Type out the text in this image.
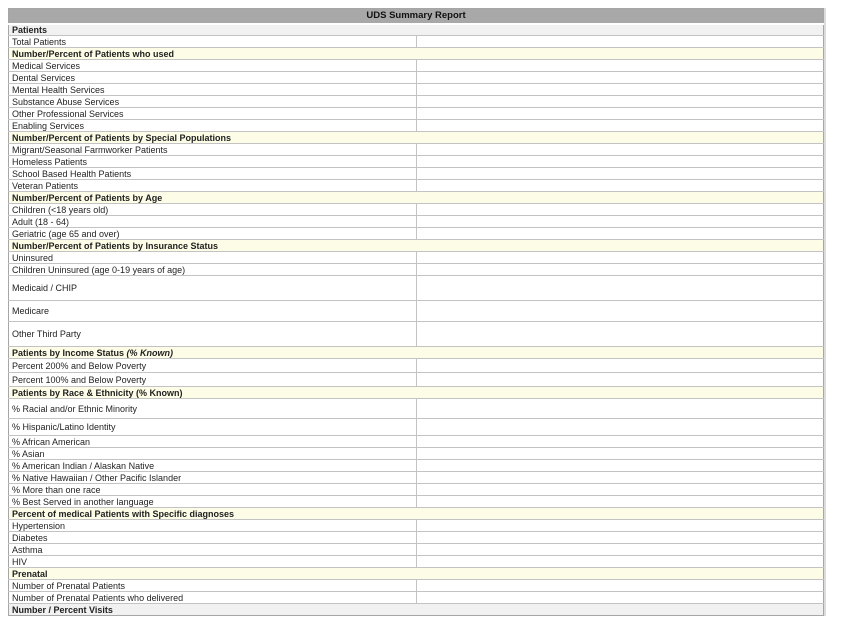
UDS Summary Report	
Patients	
Total Patients	
Number/Percent of Patients who used	
Medical Services	
Dental Services	
Mental Health Services	
Substance Abuse Services	
Other Professional Services	
Enabling Services	
Number/Percent of Patients by Special Populations	
Migrant/Seasonal Farmworker Patients	
Homeless Patients	
School Based Health Patients	
Veteran Patients	
Number/Percent of Patients by Age	
Children (<18 years old)	
Adult (18 - 64)	
Geriatric (age 65 and over)	
Number/Percent of Patients by Insurance Status	
Uninsured	
Children Uninsured (age 0-19 years of age)	
Medicaid / CHIP	
Medicare	
Other Third Party	
Patients by Income Status (% Known)	
Percent 200% and Below Poverty	
Percent 100% and Below Poverty	
Patients by Race & Ethnicity (% Known)	
% Racial and/or Ethnic Minority	
% Hispanic/Latino Identity	
% African American	
% Asian	
% American Indian / Alaskan Native	
% Native Hawaiian / Other Pacific Islander	
% More than one race	
% Best Served in another language	
Percent of medical Patients with Specific diagnoses	
Hypertension	
Diabetes	
Asthma	
HIV	
Prenatal	
Number of Prenatal Patients	
Number of Prenatal Patients who delivered	
Number / Percent Visits	
